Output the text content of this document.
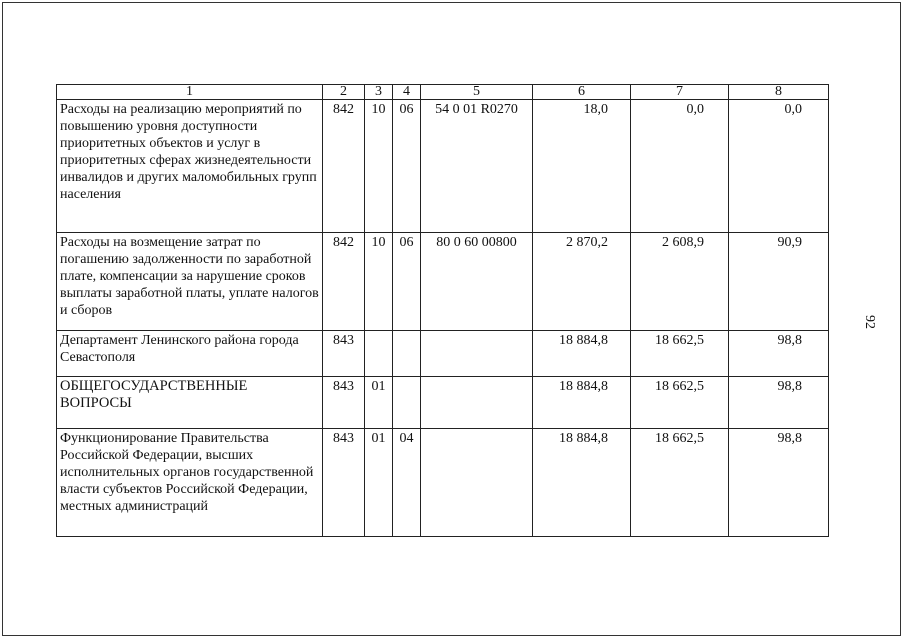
92
1	2	3	4	5	6	7	8
Расходы на реализацию мероприятий по повышению уровня доступности приоритетных объектов и услуг в приоритетных сферах жизнедеятельности инвалидов и других маломобильных групп населения	842	10	06	54 0 01 R0270	18,0	0,0	0,0
Расходы на возмещение затрат по погашению задолженности по заработной плате, компенсации за нарушение сроков выплаты заработной платы, уплате налогов и сборов	842	10	06	80 0 60 00800	2 870,2	2 608,9	90,9
Департамент Ленинского района города Севастополя	843				18 884,8	18 662,5	98,8
ОБЩЕГОСУДАРСТВЕННЫЕ ВОПРОСЫ	843	01			18 884,8	18 662,5	98,8
Функционирование Правительства Российской Федерации, высших исполнительных органов государственной власти субъектов Российской Федерации, местных администраций	843	01	04		18 884,8	18 662,5	98,8
